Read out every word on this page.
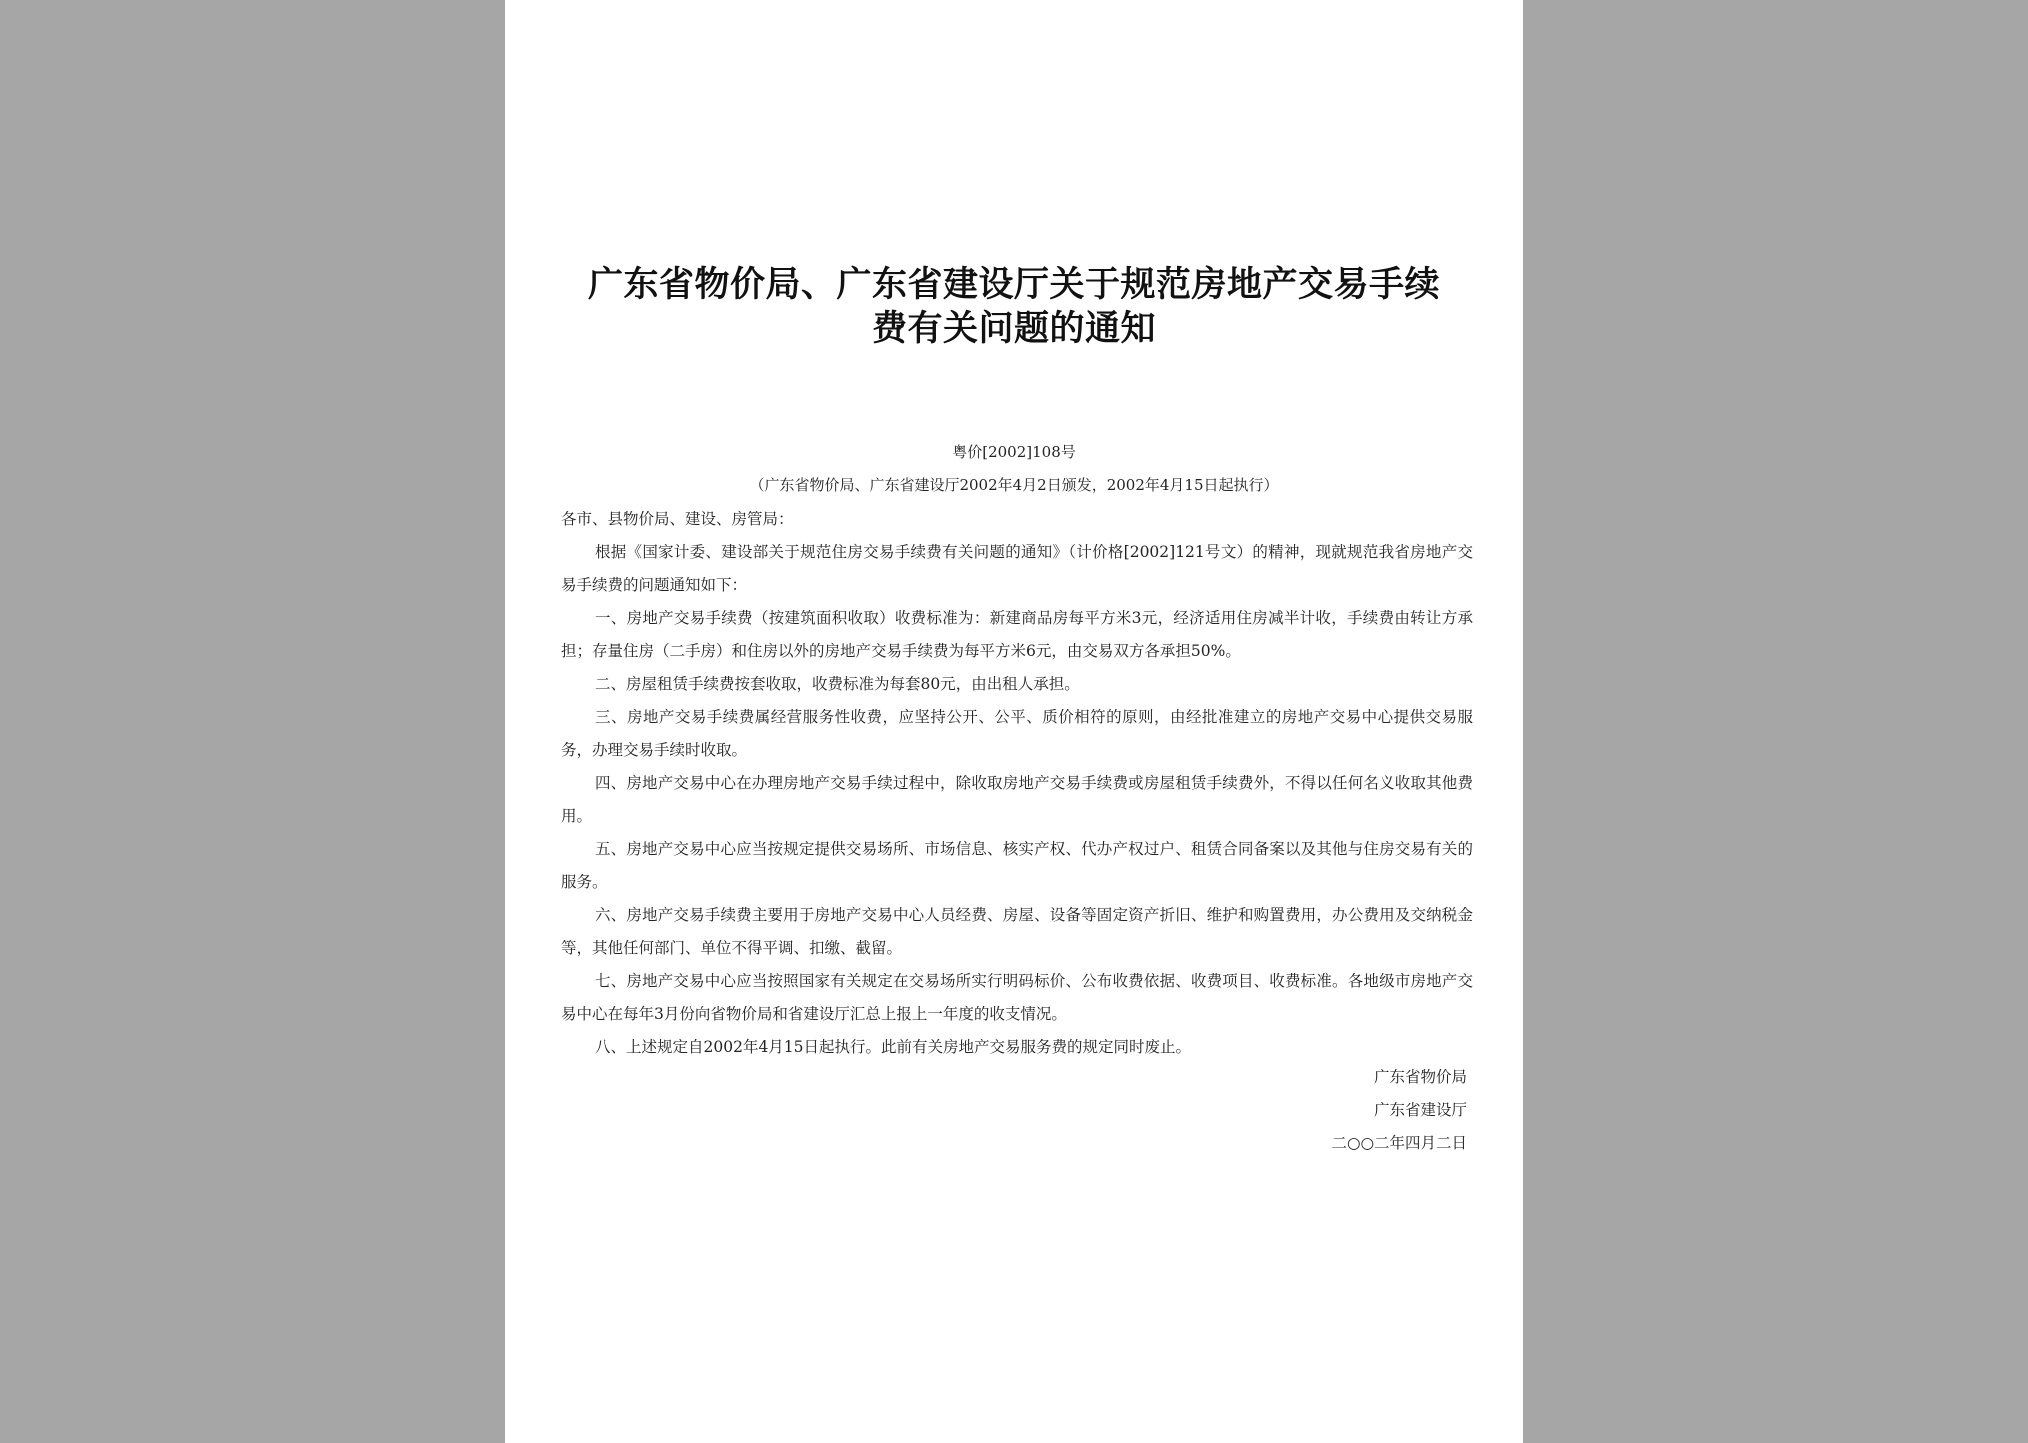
广东省物价局、广东省建设厅关于规范房地产交易手续
费有关问题的通知
粤价[2002]108号
（广东省物价局、广东省建设厅2002年4月2日颁发，2002年4月15日起执行）

各市、县物价局、建设、房管局：

根据《国家计委、建设部关于规范住房交易手续费有关问题的通知》（计价格[2002]121号文）的精神，现就规范我省房地产交易手续费的问题通知如下：

一、房地产交易手续费（按建筑面积收取）收费标准为：新建商品房每平方米3元，经济适用住房减半计收，手续费由转让方承担；存量住房（二手房）和住房以外的房地产交易手续费为每平方米6元，由交易双方各承担50%。

二、房屋租赁手续费按套收取，收费标准为每套80元，由出租人承担。

三、房地产交易手续费属经营服务性收费，应坚持公开、公平、质价相符的原则，由经批准建立的房地产交易中心提供交易服务，办理交易手续时收取。

四、房地产交易中心在办理房地产交易手续过程中，除收取房地产交易手续费或房屋租赁手续费外，不得以任何名义收取其他费用。

五、房地产交易中心应当按规定提供交易场所、市场信息、核实产权、代办产权过户、租赁合同备案以及其他与住房交易有关的服务。

六、房地产交易手续费主要用于房地产交易中心人员经费、房屋、设备等固定资产折旧、维护和购置费用，办公费用及交纳税金等，其他任何部门、单位不得平调、扣缴、截留。

七、房地产交易中心应当按照国家有关规定在交易场所实行明码标价、公布收费依据、收费项目、收费标准。各地级市房地产交 易中心在每年3月份向省物价局和省建设厅汇总上报上一年度的收支情况。

八、上述规定自2002年4月15日起执行。此前有关房地产交易服务费的规定同时废止。

广东省物价局
广东省建设厅
二○○二年四月二日
